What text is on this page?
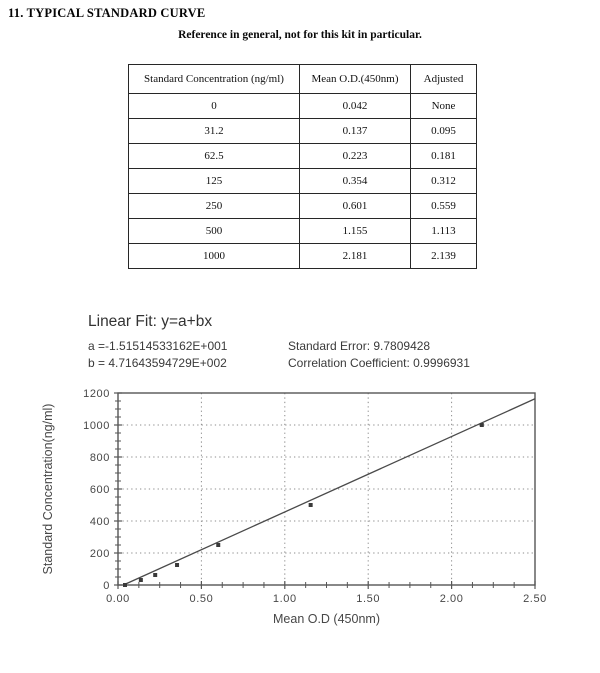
11. TYPICAL STANDARD CURVE
Reference in general, not for this kit in particular.
Standard Concentration (ng/ml)	Mean O.D.(450nm)	Adjusted
0	0.042	None
31.2	0.137	0.095
62.5	0.223	0.181
125	0.354	0.312
250	0.601	0.559
500	1.155	1.113
1000	2.181	2.139
Linear Fit: y=a+bx
a =-1.51514533162E+001
b = 4.71643594729E+002
Standard Error: 9.7809428
Correlation Coefficient: 0.9996931
0.00	0.50	1.00	1.50	2.00	2.50
0
200
400
600
800
1000
1200
Mean O.D (450nm)
Standard Concentration(ng/ml)
